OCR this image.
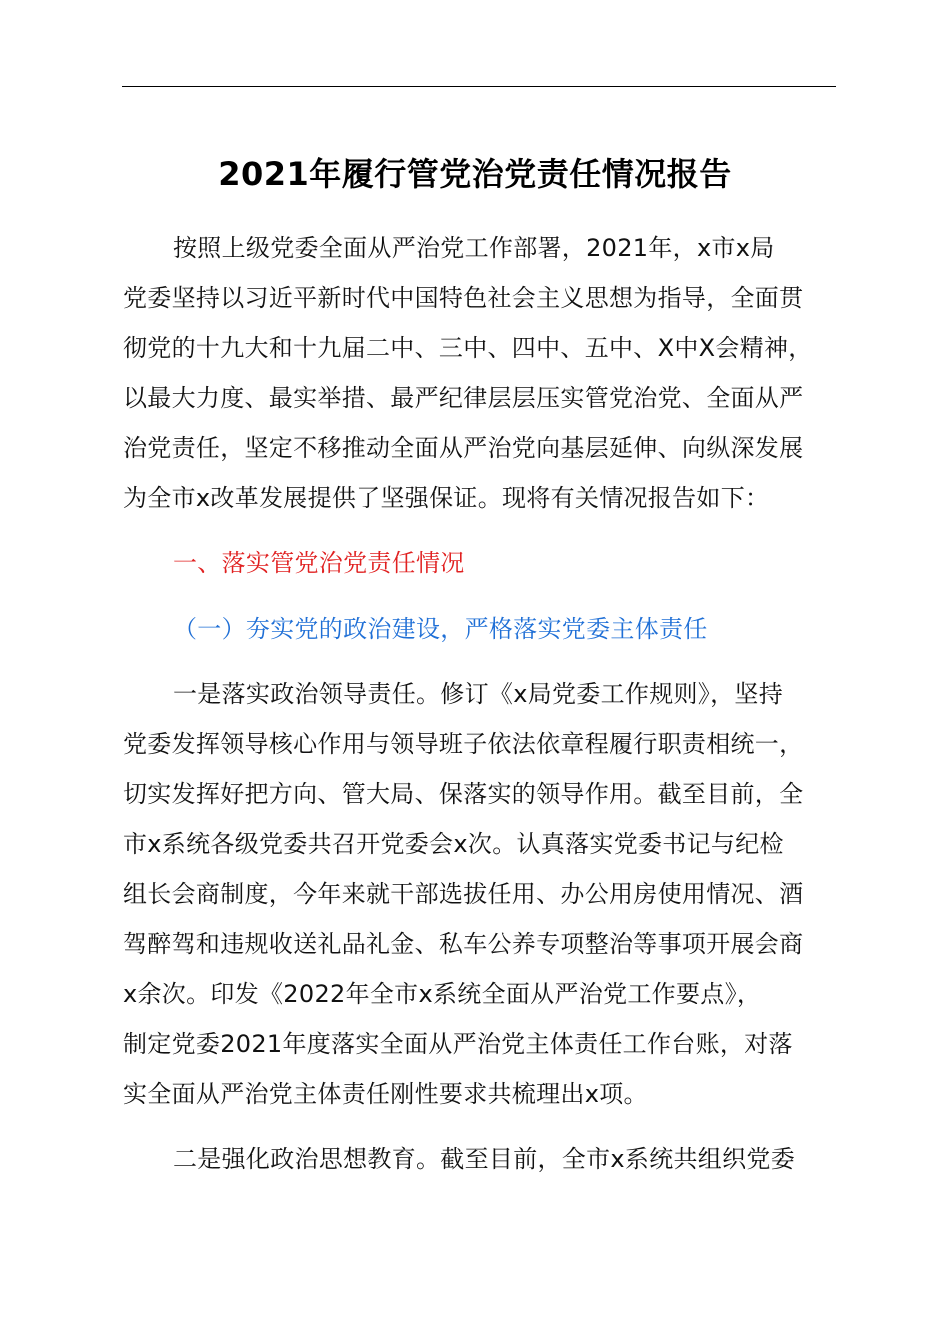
2021年履行管党治党责任情况报告
按照上级党委全面从严治党工作部署，2021年，x市x局
党委坚持以习近平新时代中国特色社会主义思想为指导，全面贯
彻党的十九大和十九届二中、三中、四中、五中、X中X会精神，
以最大力度、最实举措、最严纪律层层压实管党治党、全面从严
治党责任，坚定不移推动全面从严治党向基层延伸、向纵深发展
为全市x改革发展提供了坚强保证。现将有关情况报告如下：
一、落实管党治党责任情况
（一）夯实党的政治建设，严格落实党委主体责任
一是落实政治领导责任。修订《x局党委工作规则》，坚持
党委发挥领导核心作用与领导班子依法依章程履行职责相统一，
切实发挥好把方向、管大局、保落实的领导作用。截至目前，全
市x系统各级党委共召开党委会x次。认真落实党委书记与纪检
组长会商制度，今年来就干部选拔任用、办公用房使用情况、酒
驾醉驾和违规收送礼品礼金、私车公养专项整治等事项开展会商
x余次。印发《2022年全市x系统全面从严治党工作要点》，
制定党委2021年度落实全面从严治党主体责任工作台账，对落
实全面从严治党主体责任刚性要求共梳理出x项。
二是强化政治思想教育。截至目前，全市x系统共组织党委
